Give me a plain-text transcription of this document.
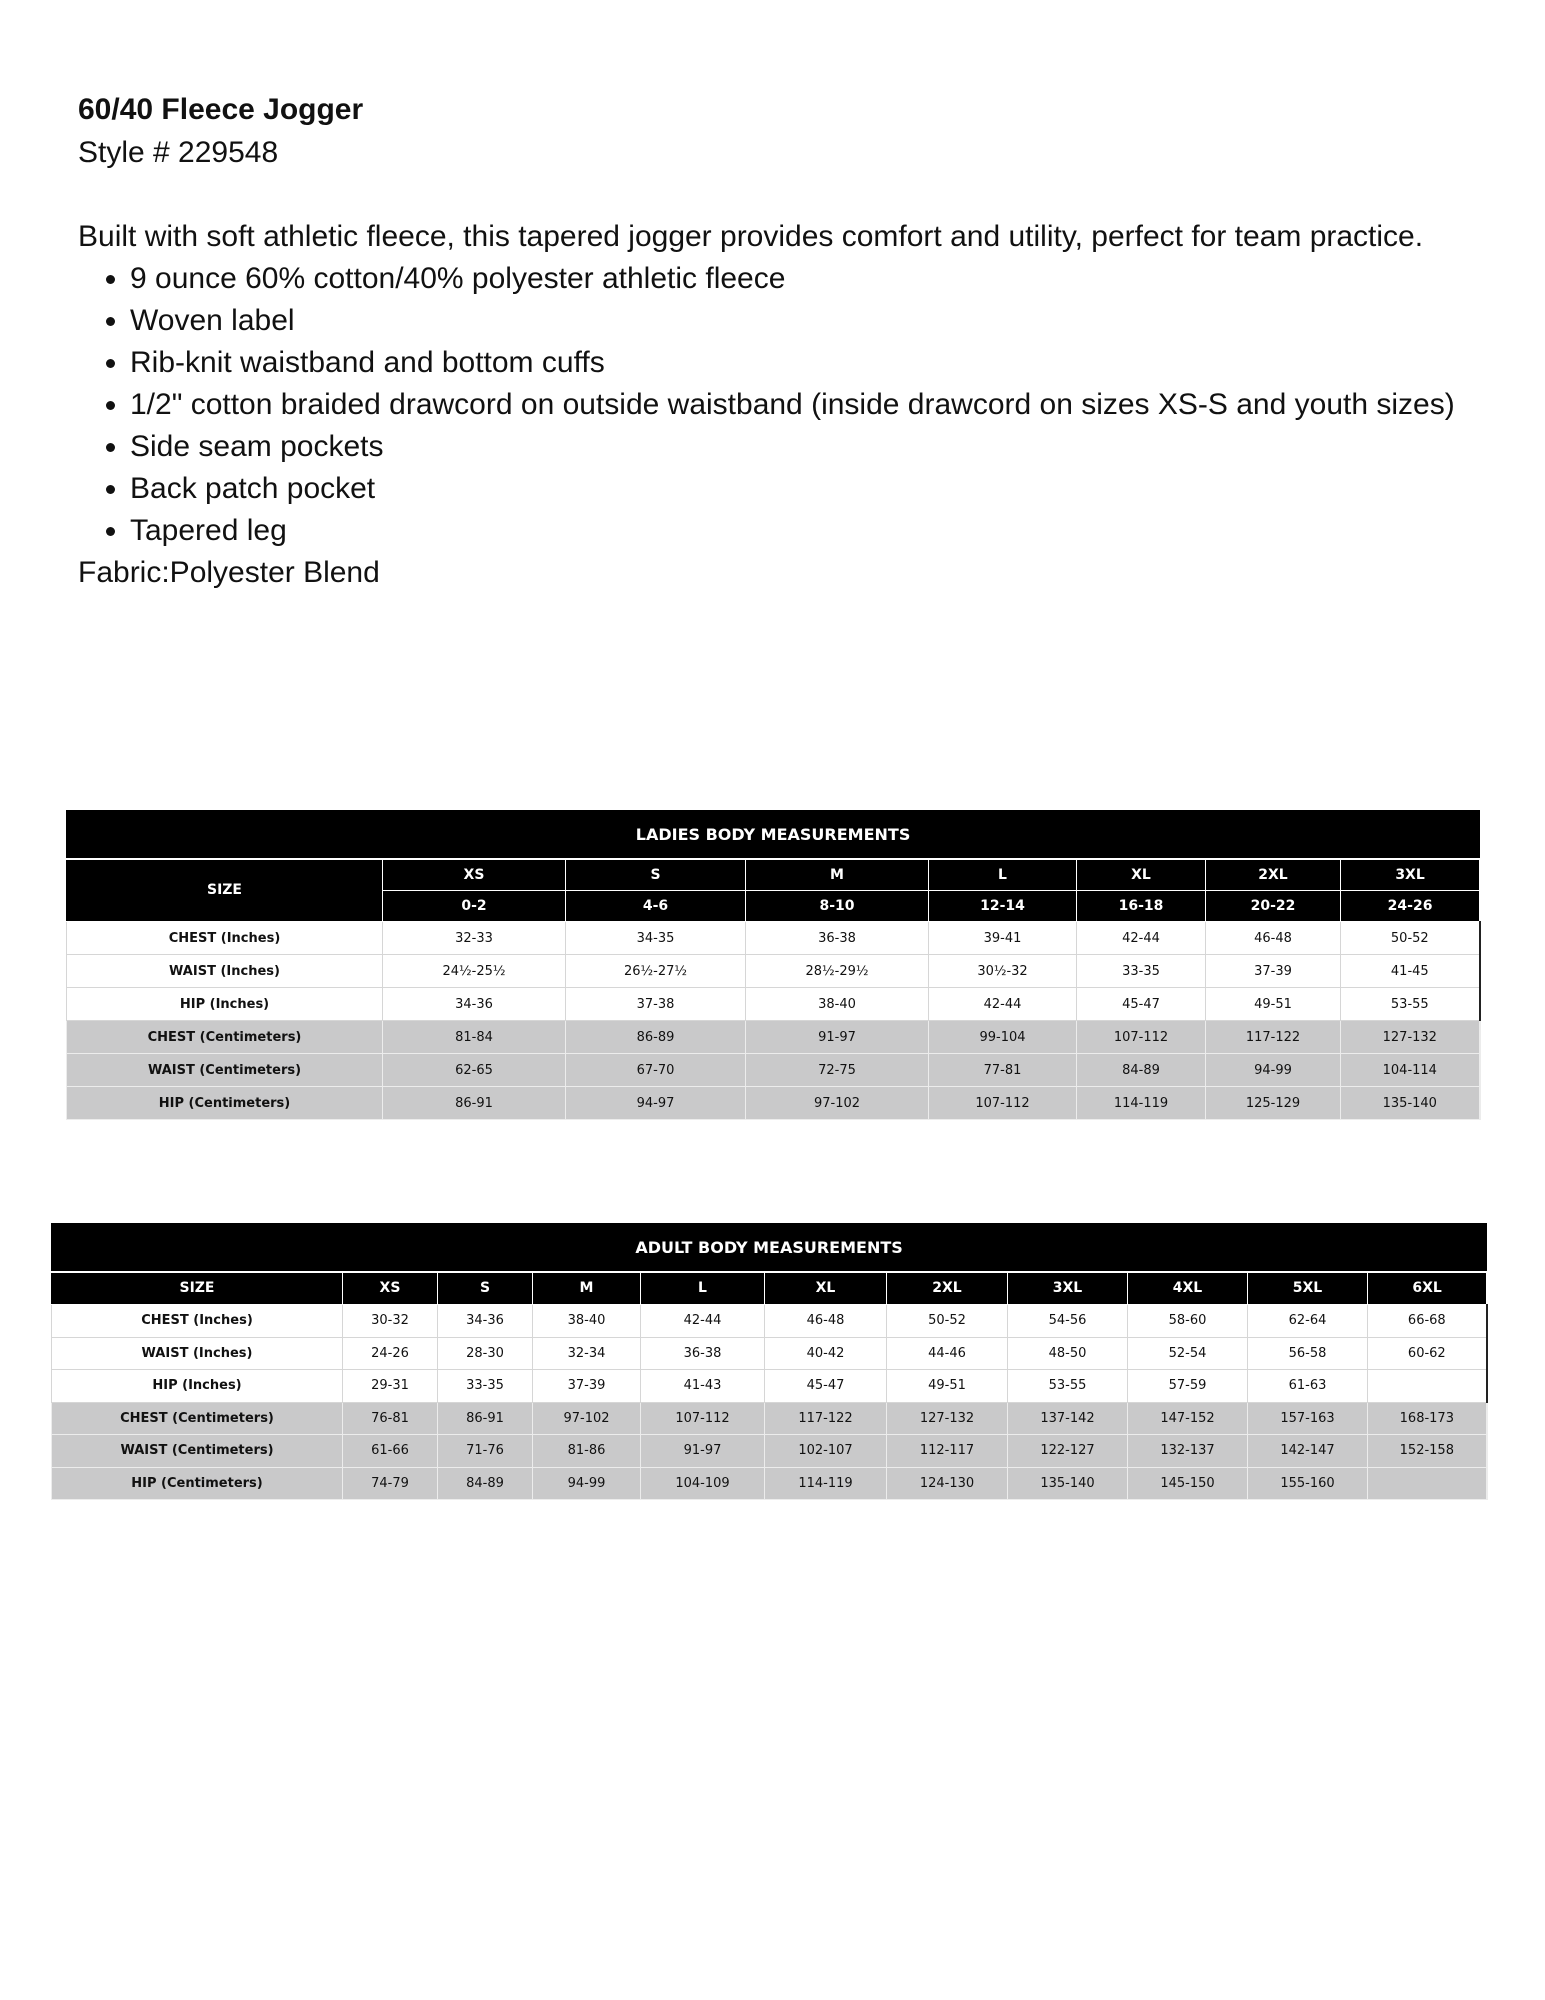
60/40 Fleece Jogger

Style # 229548

Built with soft athletic fleece, this tapered jogger provides comfort and utility, perfect for team practice.

• 9 ounce 60% cotton/40% polyester athletic fleece
• Woven label
• Rib-knit waistband and bottom cuffs
• 1/2" cotton braided drawcord on outside waistband (inside drawcord on sizes XS-S and youth sizes)
• Side seam pockets
• Back patch pocket
• Tapered leg

Fabric:Polyester Blend

LADIES BODY MEASUREMENTS							
SIZE	XS	S	M	L	XL	2XL	3XL
	0-2	4-6	8-10	12-14	16-18	20-22	24-26
CHEST (Inches)	32-33	34-35	36-38	39-41	42-44	46-48	50-52
WAIST (Inches)	24½-25½	26½-27½	28½-29½	30½-32	33-35	37-39	41-45
HIP (Inches)	34-36	37-38	38-40	42-44	45-47	49-51	53-55
CHEST (Centimeters)	81-84	86-89	91-97	99-104	107-112	117-122	127-132
WAIST (Centimeters)	62-65	67-70	72-75	77-81	84-89	94-99	104-114
HIP (Centimeters)	86-91	94-97	97-102	107-112	114-119	125-129	135-140
ADULT BODY MEASUREMENTS										
SIZE	XS	S	M	L	XL	2XL	3XL	4XL	5XL	6XL
CHEST (Inches)	30-32	34-36	38-40	42-44	46-48	50-52	54-56	58-60	62-64	66-68
WAIST (Inches)	24-26	28-30	32-34	36-38	40-42	44-46	48-50	52-54	56-58	60-62
HIP (Inches)	29-31	33-35	37-39	41-43	45-47	49-51	53-55	57-59	61-63	
CHEST (Centimeters)	76-81	86-91	97-102	107-112	117-122	127-132	137-142	147-152	157-163	168-173
WAIST (Centimeters)	61-66	71-76	81-86	91-97	102-107	112-117	122-127	132-137	142-147	152-158
HIP (Centimeters)	74-79	84-89	94-99	104-109	114-119	124-130	135-140	145-150	155-160	
